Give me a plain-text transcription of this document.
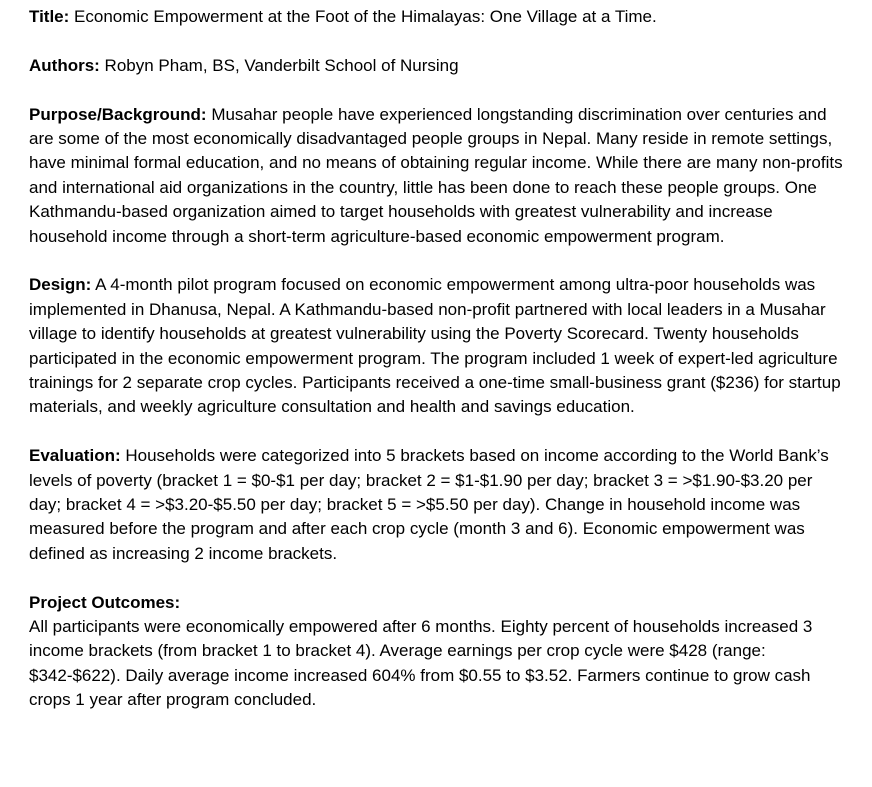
Title: Economic Empowerment at the Foot of the Himalayas: One Village at a Time.

Authors: Robyn Pham, BS, Vanderbilt School of Nursing

Purpose/Background: Musahar people have experienced longstanding discrimination over centuries and are some of the most economically disadvantaged people groups in Nepal. Many reside in remote settings, have minimal formal education, and no means of obtaining regular income. While there are many non-profits and international aid organizations in the country, little has been done to reach these people groups. One Kathmandu-based organization aimed to target households with greatest vulnerability and increase household income through a short-term agriculture-based economic empowerment program.

Design: A 4-month pilot program focused on economic empowerment among ultra-poor households was implemented in Dhanusa, Nepal. A Kathmandu-based non-profit partnered with local leaders in a Musahar village to identify households at greatest vulnerability using the Poverty Scorecard. Twenty households participated in the economic empowerment program. The program included 1 week of expert-led agriculture trainings for 2 separate crop cycles. Participants received a one-time small-business grant ($236) for startup materials, and weekly agriculture consultation and health and savings education.

Evaluation: Households were categorized into 5 brackets based on income according to the World Bank’s levels of poverty (bracket 1 = $0-$1 per day; bracket 2 = $1-$1.90 per day; bracket 3 = >$1.90-$3.20 per day; bracket 4 = >$3.20-$5.50 per day; bracket 5 = >$5.50 per day). Change in household income was measured before the program and after each crop cycle (month 3 and 6). Economic empowerment was defined as increasing 2 income brackets.

Project Outcomes:

All participants were economically empowered after 6 months. Eighty percent of households increased 3 income brackets (from bracket 1 to bracket 4). Average earnings per crop cycle were $428 (range: $342-$622). Daily average income increased 604% from $0.55 to $3.52. Farmers continue to grow cash crops 1 year after program concluded.
